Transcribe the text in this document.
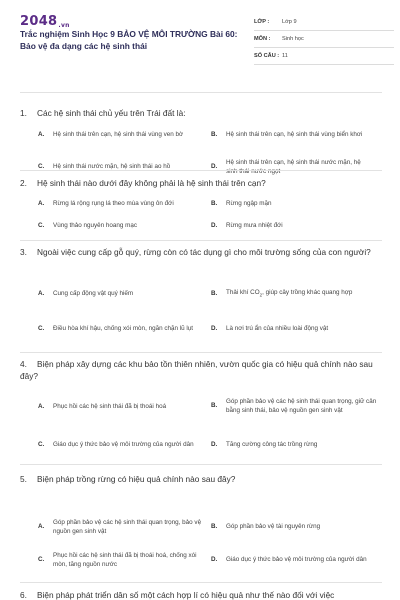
2048.vn
Trắc nghiệm Sinh Học 9 BẢO VỆ MÔI TRƯỜNG Bài 60: Bảo vệ đa dạng các hệ sinh thái
LỚP :	Lớp 9
MÔN :	Sinh học
SỐ CÂU : 11
1. Các hệ sinh thái chủ yếu trên Trái đất là:
A.	Hệ sinh thái trên cạn, hệ sinh thái vùng ven bờ	B.	Hệ sinh thái trên cạn, hệ sinh thái vùng biển khơi
C.	Hệ sinh thái nước mặn, hệ sinh thái ao hồ	D.
Hệ sinh thái trên cạn, hệ sinh thái nước mặn, hệ sinh thái nước ngọt
2. Hệ sinh thái nào dưới đây không phải là hệ sinh thái trên cạn?
A.	Rừng lá rộng rụng lá theo mùa vùng ôn đới	B.	Rừng ngập mặn
C.	Vùng thảo nguyên hoang mạc	D.	Rừng mưa nhiệt đới
3. Ngoài việc cung cấp gỗ quý, rừng còn có tác dụng gì cho môi trường sống của con người?
A.	Cung cấp động vật quý hiếm	B.	Thải khí $CO_2$, giúp cây trồng khác quang hợp
C.	Điều hòa khí hậu, chống xói mòn, ngăn chặn lũ lụt	D.	Là nơi trú ẩn của nhiều loài động vật
4. Biện pháp xây dựng các khu bảo tồn thiên nhiên, vườn quốc gia có hiệu quả chính nào sau đây?
A.	Phục hồi các hệ sinh thái đã bị thoái hoá	B.
Góp phần bảo vệ các hệ sinh thái quan trọng, giữ cân bằng sinh thái, bảo vệ nguồn gen sinh vật
C.	Giáo dục ý thức bảo vệ môi trường của người dân	D.	Tăng cường công tác trồng rừng
5. Biện pháp trồng rừng có hiệu quả chính nào sau đây?
A.
Góp phần bảo vệ các hệ sinh thái quan trọng, bảo vệ nguồn gen sinh vật
B.	Góp phần bảo vệ tài nguyên rừng
C.
Phục hồi các hệ sinh thái đã bị thoái hoá, chống xói mòn, tăng nguồn nước
D.	Giáo dục ý thức bảo vệ môi trường của người dân
6. Biện pháp phát triển dân số một cách hợp lí có hiệu quả như thế nào đối với việc
